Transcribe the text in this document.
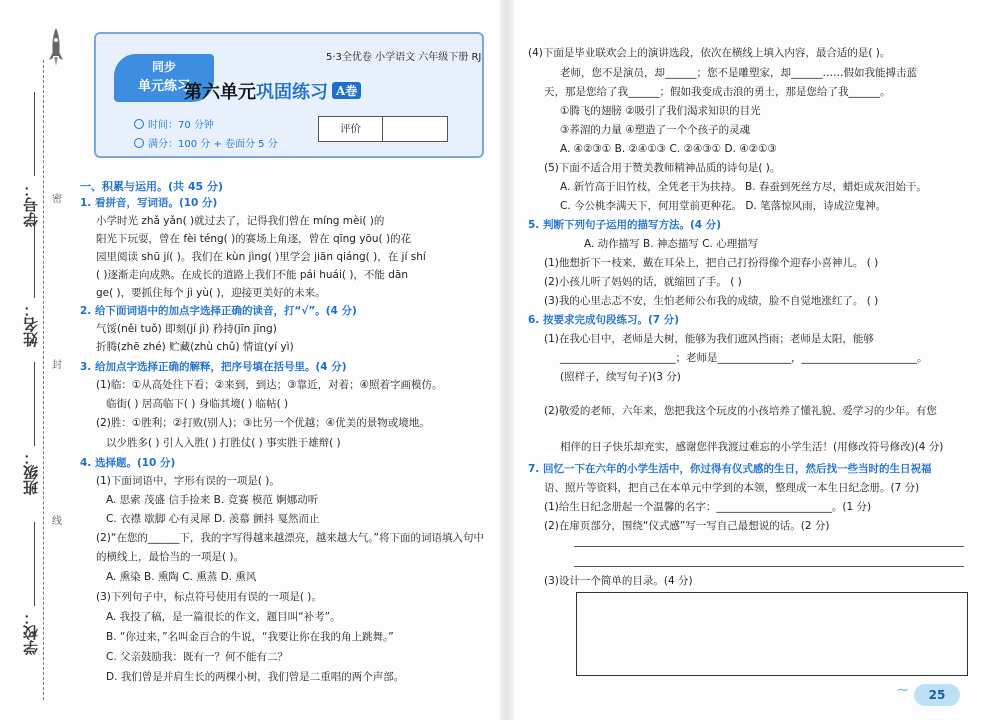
学号：
姓名：
班级：
学校：
密
封
线
同步
单元练习
5·3全优卷 小学语文 六年级下册 RJ
第六单元巩固练习 A卷
时间：70 分钟
满分：100 分 + 卷面分 5 分
评价
一、积累与运用。(共 45 分)
1. 看拼音，写词语。(10 分)
小学时光 zhǎ yǎn( )就过去了，记得我们曾在 míng mèi( )的
阳光下玩耍，曾在 fèi téng( )的赛场上角逐，曾在 qīng yōu( )的花
园里阅读 shū jí( )。我们在 kùn jìng( )里学会 jiān qiáng( )，在 jí shí
( )逐渐走向成熟。在成长的道路上我们不能 pái huái( )，不能 dān
ge( )，要抓住每个 jì yù( )，迎接更美好的未来。
2. 给下面词语中的加点字选择正确的读音，打“√”。(4 分)
气馁(něi tuǒ) 即刻(jí jì) 矜持(jīn jīng)
折腾(zhē zhé) 贮藏(zhù chǔ) 情谊(yí yì)
3. 给加点字选择正确的解释，把序号填在括号里。(4 分)
(1)临：①从高处往下看；②来到，到达；③靠近，对着；④照着字画模仿。
临街( ) 居高临下( ) 身临其境( ) 临帖( )
(2)胜：①胜利；②打败(别人)；③比另一个优越；④优美的景物或境地。
以少胜多( ) 引人入胜( ) 打胜仗( ) 事实胜于雄辩( )
4. 选择题。(10 分)
(1)下面词语中，字形有误的一项是( )。
A. 思索 茂盛 信手捡来 B. 竞赛 模范 婀娜动听
C. 衣襟 歇脚 心有灵犀 D. 羡慕 颤抖 戛然而止
(2)“在您的______下，我的字写得越来越漂亮，越来越大气。”将下面的词语填入句中
的横线上，最恰当的一项是( )。
A. 熏染 B. 熏陶 C. 熏蒸 D. 熏风
(3)下列句子中，标点符号使用有误的一项是( )。
A. 我投了稿，是一篇很长的作文，题目叫“补考”。
B. “你过来，”名叫金百合的牛说，“我要让你在我的角上跳舞。”
C. 父亲鼓励我：既有一？何不能有二？
D. 我们曾是并肩生长的两棵小树，我们曾是二重唱的两个声部。
(4)下面是毕业联欢会上的演讲选段，依次在横线上填入内容，最合适的是( )。
老师，您不是演员，却______；您不是雕塑家，却______……假如我能搏击蓝
天，那是您给了我______；假如我变成击浪的勇士，那是您给了我______。
①腾飞的翅膀 ②吸引了我们渴求知识的目光
③荞湄的力量 ④塑造了一个个孩子的灵魂
A. ④②③① B. ②④①③ C. ②④③① D. ④②①③
(5)下面不适合用于赞美教师精神品质的诗句是( )。
A. 新竹高于旧竹枝，全凭老干为扶持。 B. 春蚕到死丝方尽，蜡炬成灰泪始干。
C. 今公桃李满天下，何用堂前更种花。 D. 笔落惊风雨，诗成泣鬼神。
5. 判断下列句子运用的描写方法。(4 分)
A. 动作描写 B. 神态描写 C. 心理描写
(1)他想折下一枝来，戴在耳朵上，把自己打扮得像个迎春小喜神儿。 ( )
(2)小孩儿听了妈妈的话，就缩回了手。 ( )
(3)我的心里忐忑不安，生怕老师公布我的成绩，脸不自觉地涨红了。 ( )
6. 按要求完成句段练习。(7 分)
(1)在我心目中，老师是大树，能够为我们遮风挡雨；老师是太阳，能够
______________________；老师是______________，______________________。
(照样子，续写句子)(3 分)
(2)敬爱的老师，六年来，您把我这个玩皮的小孩培养了懂礼貌、爱学习的少年。有您
相伴的日子快乐却充实，感谢您伴我渡过难忘的小学生活！(用修改符号修改)(4 分)
7. 回忆一下在六年的小学生活中，你过得有仪式感的生日，然后找一些当时的生日祝福
语、照片等资料，把自己在本单元中学到的本领，整理成一本生日纪念册。(7 分)
(1)给生日纪念册起一个温馨的名字：______________________。(1 分)
(2)在扉页部分，围绕“仪式感”写一写自己最想说的话。(2 分)
(3)设计一个简单的目录。(4 分)
~	25
